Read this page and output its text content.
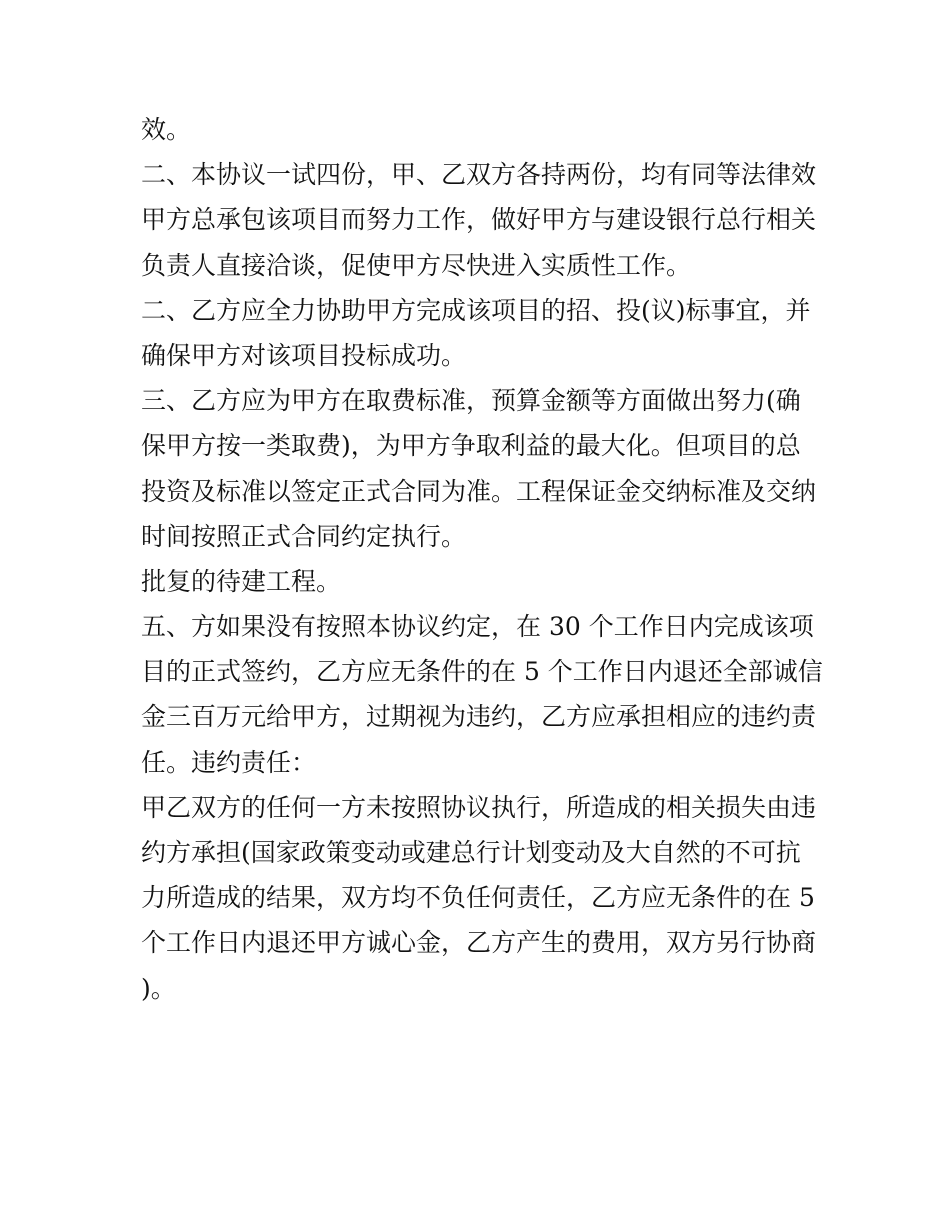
效。
二、本协议一试四份，甲、乙双方各持两份，均有同等法律效
甲方总承包该项目而努力工作，做好甲方与建设银行总行相关
负责人直接洽谈，促使甲方尽快进入实质性工作。
二、乙方应全力协助甲方完成该项目的招、投(议)标事宜，并
确保甲方对该项目投标成功。
三、乙方应为甲方在取费标准，预算金额等方面做出努力(确
保甲方按一类取费)，为甲方争取利益的最大化。但项目的总
投资及标准以签定正式合同为准。工程保证金交纳标准及交纳
时间按照正式合同约定执行。
批复的待建工程。
五、方如果没有按照本协议约定，在 30 个工作日内完成该项
目的正式签约，乙方应无条件的在 5 个工作日内退还全部诚信
金三百万元给甲方，过期视为违约，乙方应承担相应的违约责
任。违约责任：
甲乙双方的任何一方未按照协议执行，所造成的相关损失由违
约方承担(国家政策变动或建总行计划变动及大自然的不可抗
力所造成的结果，双方均不负任何责任，乙方应无条件的在 5
个工作日内退还甲方诚心金，乙方产生的费用，双方另行协商
)。
